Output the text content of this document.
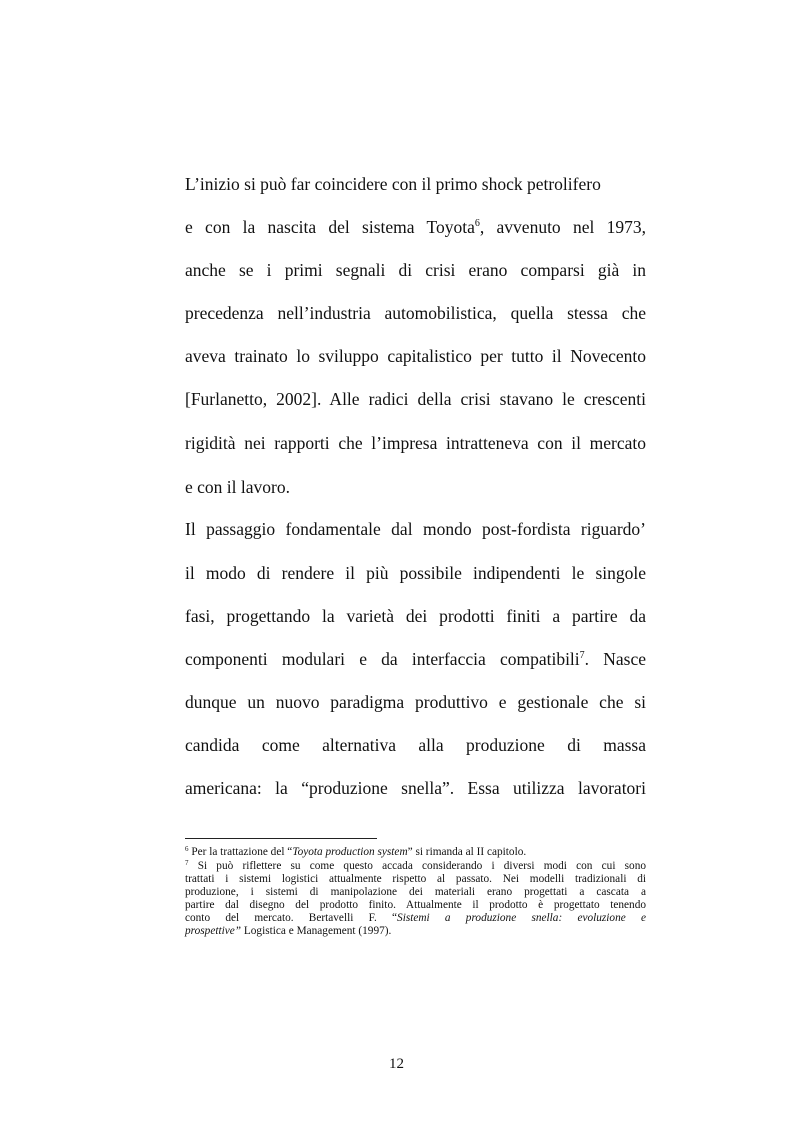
L’inizio si può far coincidere con il primo shock petrolifero
e con la nascita del sistema Toyota$^6$, avvenuto nel 1973,
anche se i primi segnali di crisi erano comparsi già in
precedenza nell’industria automobilistica, quella stessa che
aveva trainato lo sviluppo capitalistico per tutto il Novecento
[Furlanetto, 2002]. Alle radici della crisi stavano le crescenti
rigidità nei rapporti che l’impresa intratteneva con il mercato
e con il lavoro.
Il passaggio fondamentale dal mondo post-fordista riguardo’
il modo di rendere il più possibile indipendenti le singole
fasi, progettando la varietà dei prodotti finiti a partire da
componenti modulari e da interfaccia compatibili$^7$. Nasce
dunque un nuovo paradigma produttivo e gestionale che si
candida come alternativa alla produzione di massa
americana: la “produzione snella”. Essa utilizza lavoratori
$^6$ Per la trattazione del “Toyota production system” si rimanda al II capitolo.
$^7$ Si può riflettere su come questo accada considerando i diversi modi con cui sono
trattati i sistemi logistici attualmente rispetto al passato. Nei modelli tradizionali di
produzione, i sistemi di manipolazione dei materiali erano progettati a cascata a
partire dal disegno del prodotto finito. Attualmente il prodotto è progettato tenendo
conto del mercato. Bertavelli F. “Sistemi a produzione snella: evoluzione e
prospettive” Logistica e Management (1997).
12
